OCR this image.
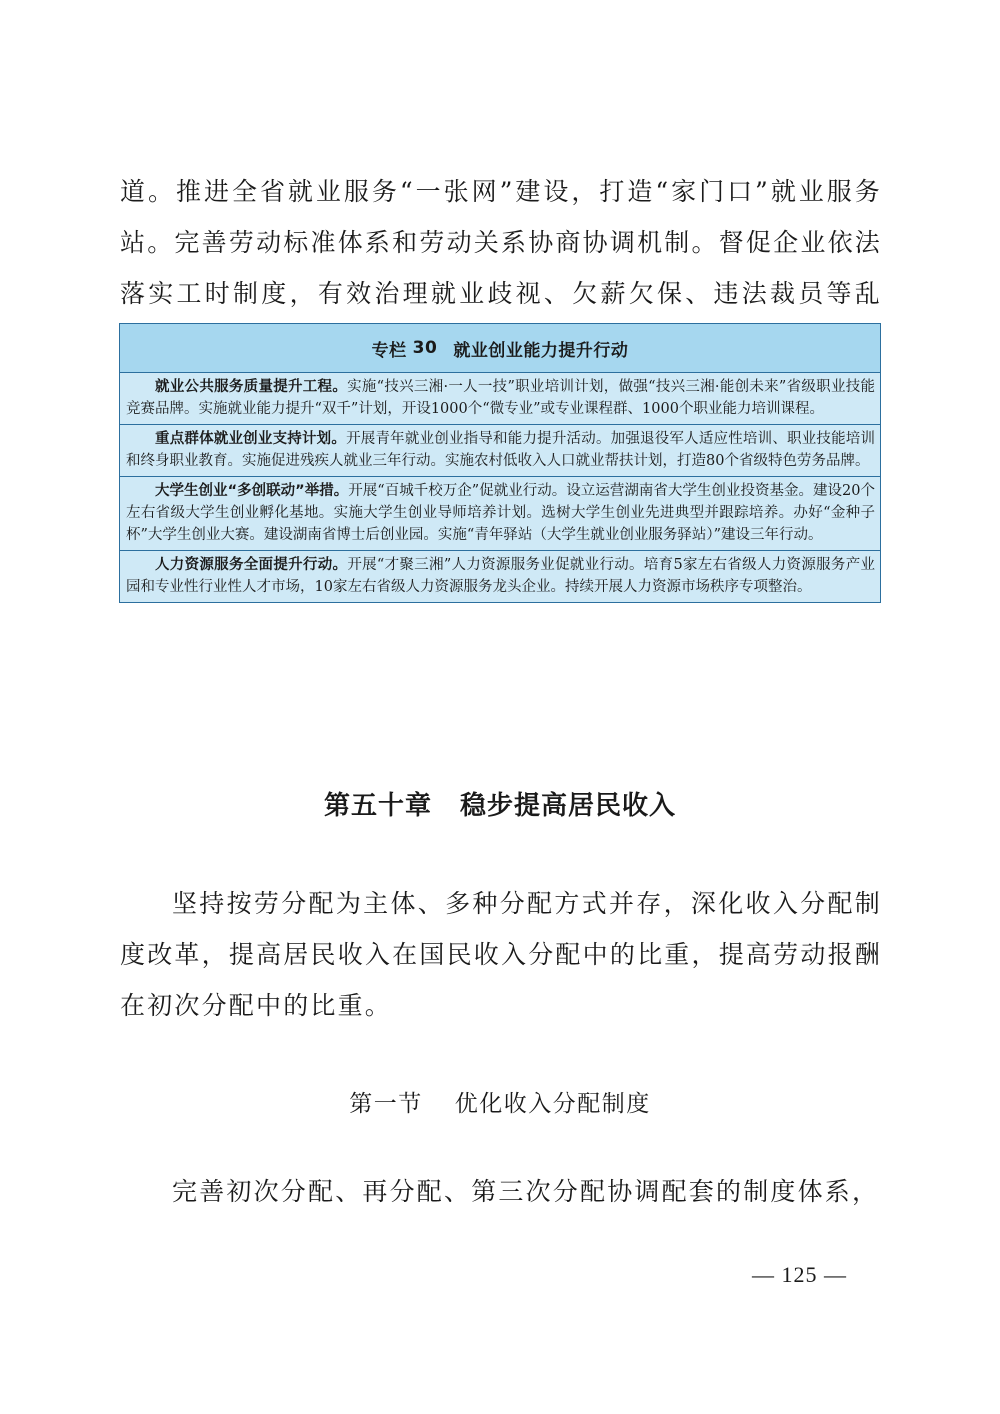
道。推进全省就业服务“一张网”建设，打造“家门口”就业服务站。完善劳动标准体系和劳动关系协商协调机制。督促企业依法落实工时制度，有效治理就业歧视、欠薪欠保、违法裁员等乱

专栏 30 就业创业能力提升行动
就业公共服务质量提升工程。实施“技兴三湘·一人一技”职业培训计划，做强“技兴三湘·能创未来”省级职业技能竞赛品牌。实施就业能力提升“双千”计划，开设1000个“微专业”或专业课程群、1000个职业能力培训课程。
重点群体就业创业支持计划。开展青年就业创业指导和能力提升活动。加强退役军人适应性培训、职业技能培训和终身职业教育。实施促进残疾人就业三年行动。实施农村低收入人口就业帮扶计划，打造80个省级特色劳务品牌。
大学生创业“多创联动”举措。开展“百城千校万企”促就业行动。设立运营湖南省大学生创业投资基金。建设20个左右省级大学生创业孵化基地。实施大学生创业导师培养计划。选树大学生创业先进典型并跟踪培养。办好“金种子杯”大学生创业大赛。建设湖南省博士后创业园。实施“青年驿站（大学生就业创业服务驿站）”建设三年行动。
人力资源服务全面提升行动。开展“才聚三湘”人力资源服务业促就业行动。培育5家左右省级人力资源服务产业园和专业性行业性人才市场，10家左右省级人力资源服务龙头企业。持续开展人力资源市场秩序专项整治。
第五十章 稳步提高居民收入

坚持按劳分配为主体、多种分配方式并存，深化收入分配制度改革，提高居民收入在国民收入分配中的比重，提高劳动报酬在初次分配中的比重。

第一节 优化收入分配制度

完善初次分配、再分配、第三次分配协调配套的制度体系，

— 125 —
